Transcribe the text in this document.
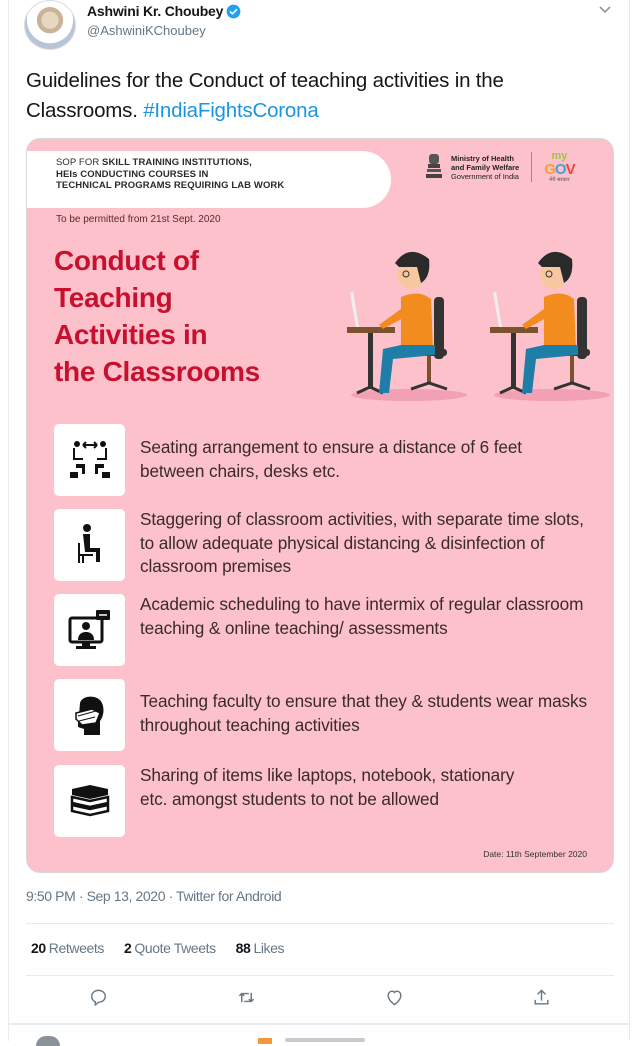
Ashwini Kr. Choubey
@AshwiniKChoubey
Guidelines for the Conduct of teaching activities in the Classrooms. #IndiaFightsCorona
SOP FOR SKILL TRAINING INSTITUTIONS,
HEIs CONDUCTING COURSES IN
TECHNICAL PROGRAMS REQUIRING LAB WORK
To be permitted from 21st Sept. 2020
Ministry of Health
and Family Welfare
Government of India
my
GOV
मेरी सरकार
Conduct of
Teaching
Activities in
the Classrooms
Seating arrangement to ensure a distance of 6 feet between chairs, desks etc.
Staggering of classroom activities, with separate time slots, to allow adequate physical distancing & disinfection of classroom premises
Academic scheduling to have intermix of regular classroom teaching & online teaching/ assessments
Teaching faculty to ensure that they & students wear masks throughout teaching activities
Sharing of items like laptops, notebook, stationary etc. amongst students to not be allowed
Date: 11th September 2020
9:50 PM · Sep 13, 2020 · Twitter for Android
20 Retweets 2 Quote Tweets 88 Likes
